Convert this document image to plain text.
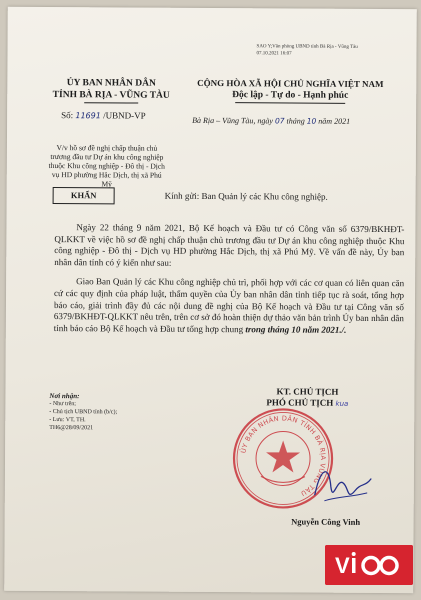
SAO Y;Văn phòng UBND tỉnh Bà Rịa - Vũng Tàu
07.10.2021 16:07
ỦY BAN NHÂN DÂN
TỈNH BÀ RỊA - VŨNG TÀU
Số: 11691 /UBND-VP
V/v hồ sơ đề nghị chấp thuận chủ trương đầu tư Dự án khu công nghiệp thuộc Khu công nghiệp - Đô thị - Dịch vụ HD phường Hắc Dịch, thị xã Phú Mỹ
CỘNG HÒA XÃ HỘI CHỦ NGHĨA VIỆT NAM
Độc lập - Tự do - Hạnh phúc
Bà Rịa – Vũng Tàu, ngày 07 tháng 10 năm 2021
KHẨN	Kính gửi: Ban Quản lý các Khu công nghiệp.

Ngày 22 tháng 9 năm 2021, Bộ Kế hoạch và Đầu tư có Công văn số 6379/BKHĐT-QLKKT về việc hồ sơ đề nghị chấp thuận chủ trương đầu tư Dự án khu công nghiệp thuộc Khu công nghiệp - Đô thị - Dịch vụ HD phường Hắc Dịch, thị xã Phú Mỹ. Về vấn đề này, Ủy ban nhân dân tỉnh có ý kiến như sau:

Giao Ban Quản lý các Khu công nghiệp chủ trì, phối hợp với các cơ quan có liên quan căn cứ các quy định của pháp luật, thẩm quyền của Ủy ban nhân dân tỉnh tiếp tục rà soát, tổng hợp báo cáo, giải trình đầy đủ các nội dung đề nghị của Bộ Kế hoạch và Đầu tư tại Công văn số 6379/BKHĐT-QLKKT nêu trên, trên cơ sở đó hoàn thiện dự thảo văn bản trình Ủy ban nhân dân tỉnh báo cáo Bộ Kế hoạch và Đầu tư tổng hợp chung trong tháng 10 năm 2021./.

Nơi nhận:
- Như trên;
- Chủ tịch UBND tỉnh (b/c);
- Lưu: VT, TH.
TH6@28/09/2021
KT. CHỦ TỊCH
PHÓ CHỦ TỊCH kua
ỦY BAN NHÂN DÂN TỈNH BÀ RỊA VŨNG TÀU
Nguyễn Công Vinh
V
